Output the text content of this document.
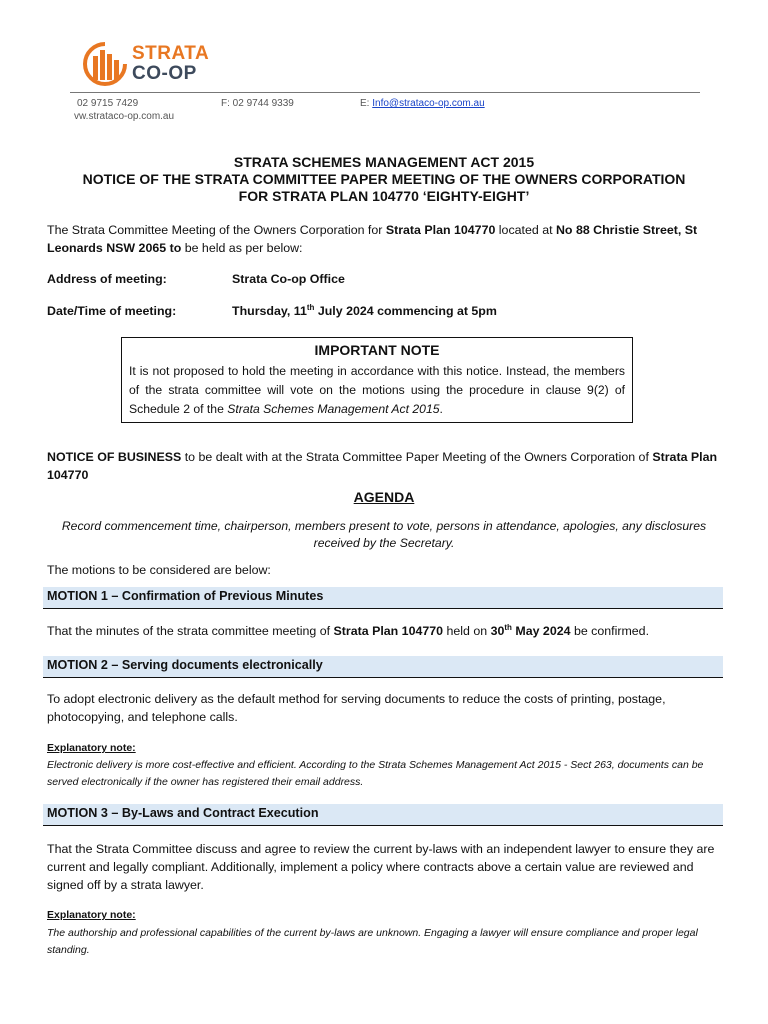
STRATA
CO-OP
02 9715 7429	F: 02 9744 9339	E: Info@strataco-op.com.au
vw.strataco-op.com.au
STRATA SCHEMES MANAGEMENT ACT 2015
NOTICE OF THE STRATA COMMITTEE PAPER MEETING OF THE OWNERS CORPORATION
FOR STRATA PLAN 104770 ‘EIGHTY-EIGHT’
The Strata Committee Meeting of the Owners Corporation for Strata Plan 104770 located at No 88 Christie Street, St Leonards NSW 2065 to be held as per below:
Address of meeting:	Strata Co-op Office
Date/Time of meeting:	Thursday, 11th July 2024 commencing at 5pm
IMPORTANT NOTE
It is not proposed to hold the meeting in accordance with this notice. Instead, the members of the strata committee will vote on the motions using the procedure in clause 9(2) of Schedule 2 of the Strata Schemes Management Act 2015.
NOTICE OF BUSINESS to be dealt with at the Strata Committee Paper Meeting of the Owners Corporation of Strata Plan 104770
AGENDA
Record commencement time, chairperson, members present to vote, persons in attendance, apologies, any disclosures received by the Secretary.
The motions to be considered are below:
MOTION 1 – Confirmation of Previous Minutes
That the minutes of the strata committee meeting of Strata Plan 104770 held on 30th May 2024 be confirmed.
MOTION 2 – Serving documents electronically
To adopt electronic delivery as the default method for serving documents to reduce the costs of printing, postage, photocopying, and telephone calls.
Explanatory note:
Electronic delivery is more cost-effective and efficient. According to the Strata Schemes Management Act 2015 - Sect 263, documents can be served electronically if the owner has registered their email address.
MOTION 3 – By-Laws and Contract Execution
That the Strata Committee discuss and agree to review the current by-laws with an independent lawyer to ensure they are current and legally compliant. Additionally, implement a policy where contracts above a certain value are reviewed and signed off by a strata lawyer.
Explanatory note:
The authorship and professional capabilities of the current by-laws are unknown. Engaging a lawyer will ensure compliance and proper legal standing.
